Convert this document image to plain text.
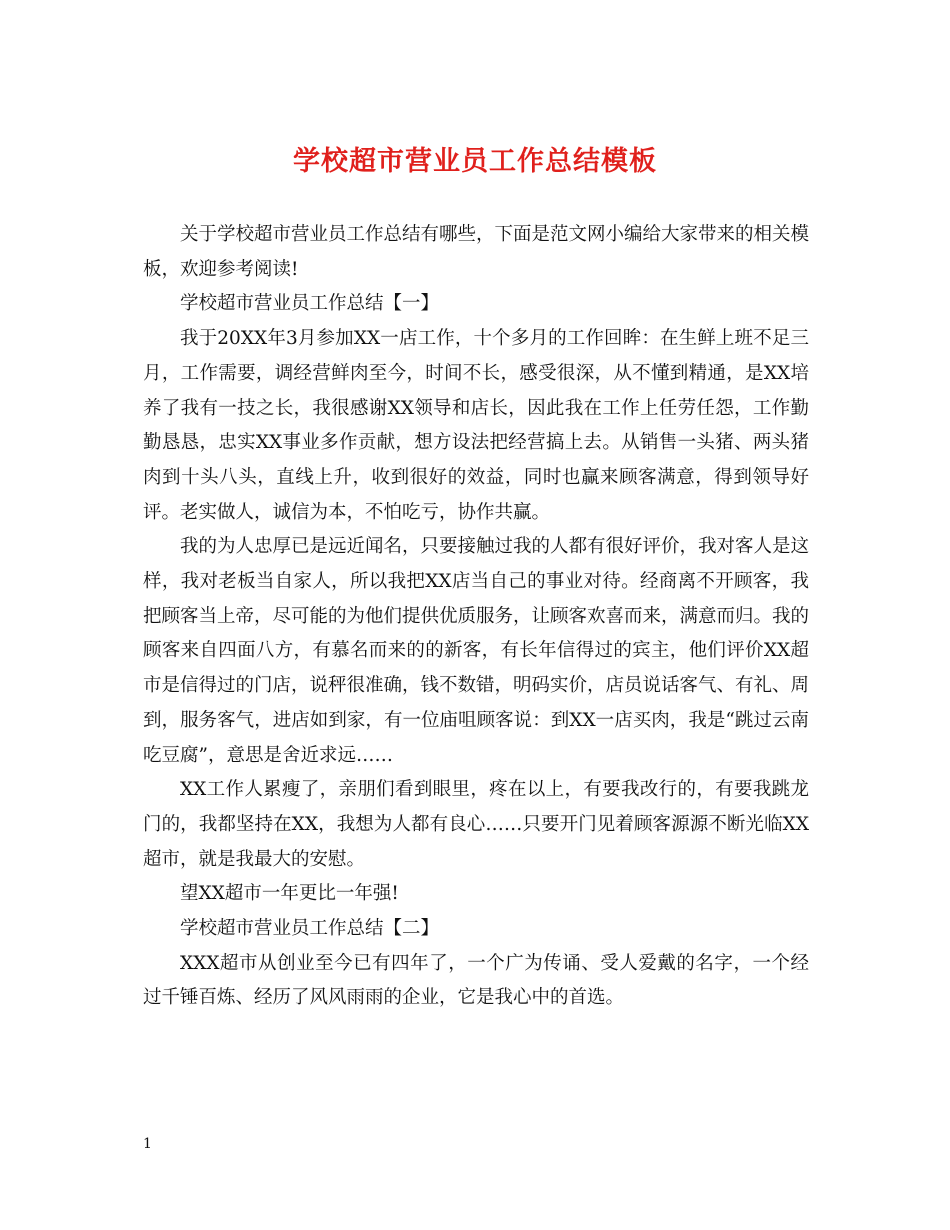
学校超市营业员工作总结模板

关于学校超市营业员工作总结有哪些，下面是范文网小编给大家带来的相关模板，欢迎参考阅读!

学校超市营业员工作总结【一】

我于20XX年3月参加XX一店工作，十个多月的工作回眸：在生鲜上班不足三月，工作需要，调经营鲜肉至今，时间不长，感受很深，从不懂到精通，是XX培养了我有一技之长，我很感谢XX领导和店长，因此我在工作上任劳任怨，工作勤勤恳恳，忠实XX事业多作贡献，想方设法把经营搞上去。从销售一头猪、两头猪肉到十头八头，直线上升，收到很好的效益，同时也赢来顾客满意，得到领导好评。老实做人，诚信为本，不怕吃亏，协作共赢。

我的为人忠厚已是远近闻名，只要接触过我的人都有很好评价，我对客人是这样，我对老板当自家人，所以我把XX店当自己的事业对待。经商离不开顾客，我把顾客当上帝，尽可能的为他们提供优质服务，让顾客欢喜而来，满意而归。我的顾客来自四面八方，有慕名而来的的新客，有长年信得过的宾主，他们评价XX超市是信得过的门店，说秤很准确，钱不数错，明码实价，店员说话客气、有礼、周到，服务客气，进店如到家，有一位庙咀顾客说：到XX一店买肉，我是“跳过云南吃豆腐”，意思是舍近求远……

XX工作人累瘦了，亲朋们看到眼里，疼在以上，有要我改行的，有要我跳龙门的，我都坚持在XX，我想为人都有良心……只要开门见着顾客源源不断光临XX超市，就是我最大的安慰。

望XX超市一年更比一年强!

学校超市营业员工作总结【二】

XXX超市从创业至今已有四年了，一个广为传诵、受人爱戴的名字，一个经过千锤百炼、经历了风风雨雨的企业，它是我心中的首选。

1
